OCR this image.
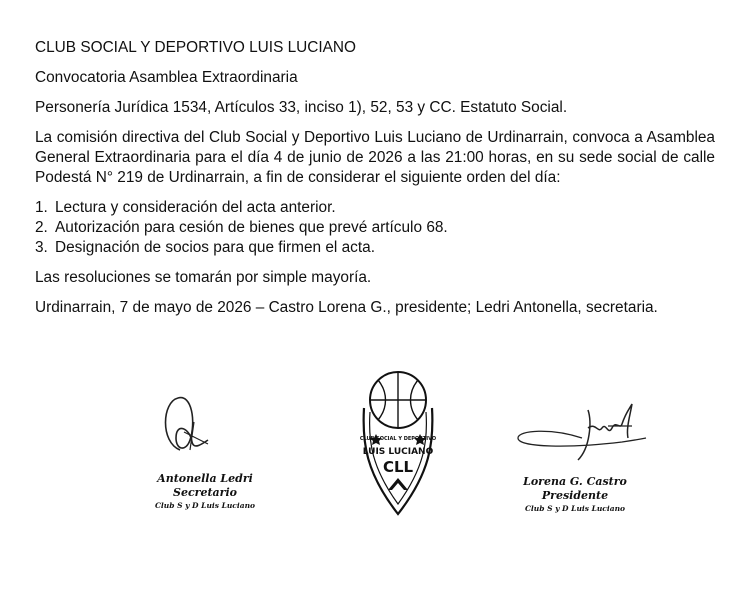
CLUB SOCIAL Y DEPORTIVO LUIS LUCIANO

Convocatoria Asamblea Extraordinaria

Personería Jurídica 1534, Artículos 33, inciso 1), 52, 53 y CC. Estatuto Social.

La comisión directiva del Club Social y Deportivo Luis Luciano de Urdinarrain, convoca a Asamblea General Extraordinaria para el día 4 de junio de 2026 a las 21:00 horas, en su sede social de calle Podestá N° 219 de Urdinarrain, a fin de considerar el siguiente orden del día:

1. Lectura y consideración del acta anterior.
2. Autorización para cesión de bienes que prevé artículo 68.
3. Designación de socios para que firmen el acta.

Las resoluciones se tomarán por simple mayoría.

Urdinarrain, 7 de mayo de 2026 – Castro Lorena G., presidente; Ledri Antonella, secretaria.

Antonella Ledri
Secretario
Club S y D Luis Luciano
CLUB SOCIAL Y DEPORTIVO
LUIS LUCIANO
CLL
Lorena G. Castro
Presidente
Club S y D Luis Luciano
